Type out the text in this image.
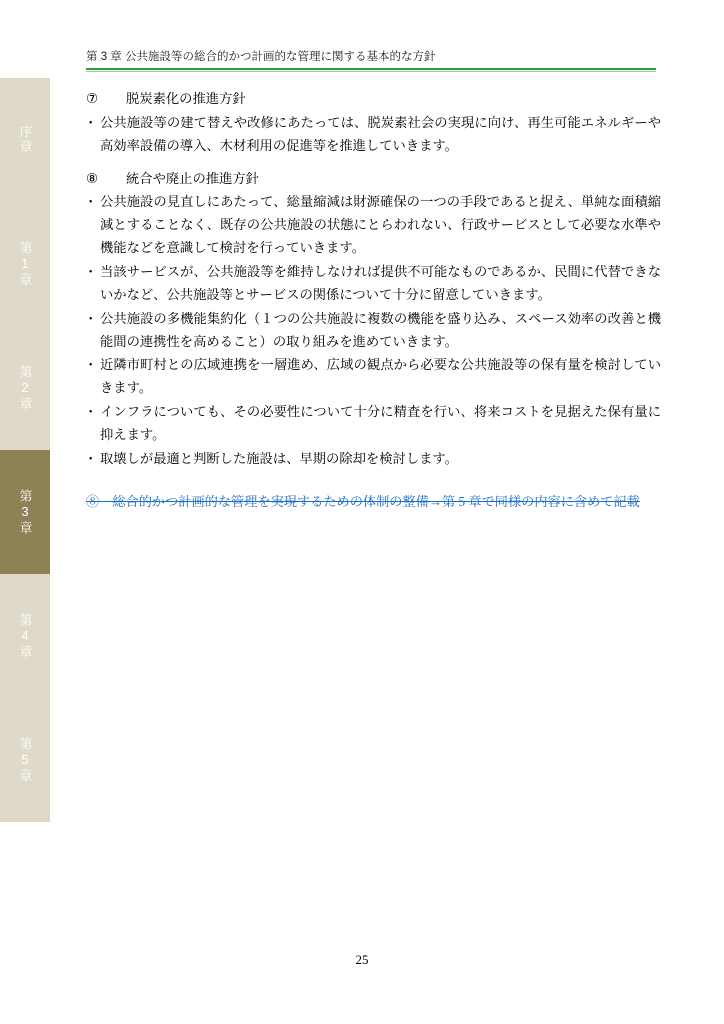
序章
第1章
第2章
第3章
第4章
第5章
第 3 章 公共施設等の総合的かつ計画的な管理に関する基本的な方針
⑦	脱炭素化の推進方針
・ 公共施設等の建て替えや改修にあたっては、脱炭素社会の実現に向け、再生可能エネルギーや高効率設備の導入、木材利用の促進等を推進していきます。
⑧	統合や廃止の推進方針
・ 公共施設の見直しにあたって、総量縮減は財源確保の一つの手段であると捉え、単純な面積縮減とすることなく、既存の公共施設の状態にとらわれない、行政サービスとして必要な水準や機能などを意識して検討を行っていきます。
・ 当該サービスが、公共施設等を維持しなければ提供不可能なものであるか、民間に代替できないかなど、公共施設等とサービスの関係について十分に留意していきます。
・ 公共施設の多機能集約化（１つの公共施設に複数の機能を盛り込み、スペース効率の改善と機能間の連携性を高めること）の取り組みを進めていきます。
・ 近隣市町村との広域連携を一層進め、広域の観点から必要な公共施設等の保有量を検討していきます。
・ インフラについても、その必要性について十分に精査を行い、将来コストを見据えた保有量に抑えます。
・ 取壊しが最適と判断した施設は、早期の除却を検討します。
⑧　総合的かつ計画的な管理を実現するための体制の整備→第 5 章で同様の内容に含めて記載
25
